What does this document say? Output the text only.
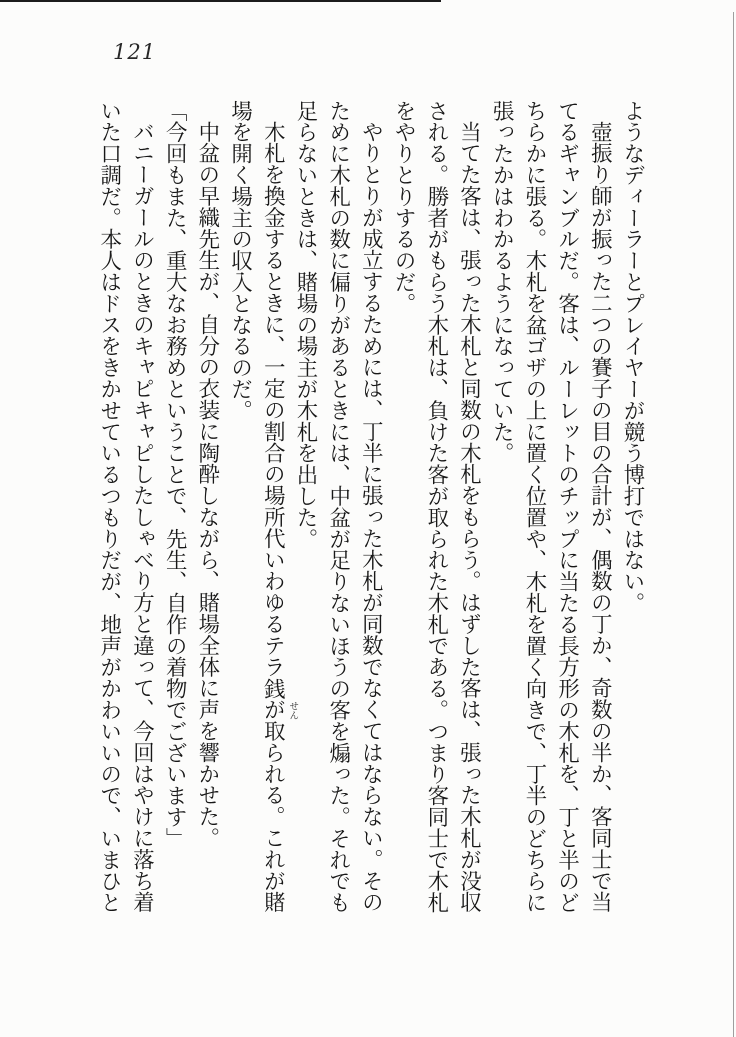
121
ようなディーラーとプレイヤーが競う博打ではない。
壺振り師が振った二つの賽子の目の合計が、偶数の丁か、奇数の半か、客同士で当
てるギャンブルだ。客は、ルーレットのチップに当たる長方形の木札を、丁と半のど
ちらかに張る。木札を盆ゴザの上に置く位置や、木札を置く向きで、丁半のどちらに
張ったかはわかるようになっていた。
当てた客は、張った木札と同数の木札をもらう。はずした客は、張った木札が没収
される。勝者がもらう木札は、負けた客が取られた木札である。つまり客同士で木札
をやりとりするのだ。
やりとりが成立するためには、丁半に張った木札が同数でなくてはならない。その
ために木札の数に偏りがあるときには、中盆が足りないほうの客を煽った。それでも
足らないときは、賭場の場主が木札を出した。
木札を換金するときに、一定の割合の場所代いわゆるテラ銭
せん
が取られる。これが賭
場を開く場主の収入となるのだ。
中盆の早織先生が、自分の衣装に陶酔しながら、賭場全体に声を響かせた。
「今回もまた、重大なお務めということで、先生、自作の着物でございます」
バニーガールのときのキャピキャピしたしゃべり方と違って、今回はやけに落ち着
いた口調だ。本人はドスをきかせているつもりだが、地声がかわいいので、いまひと
